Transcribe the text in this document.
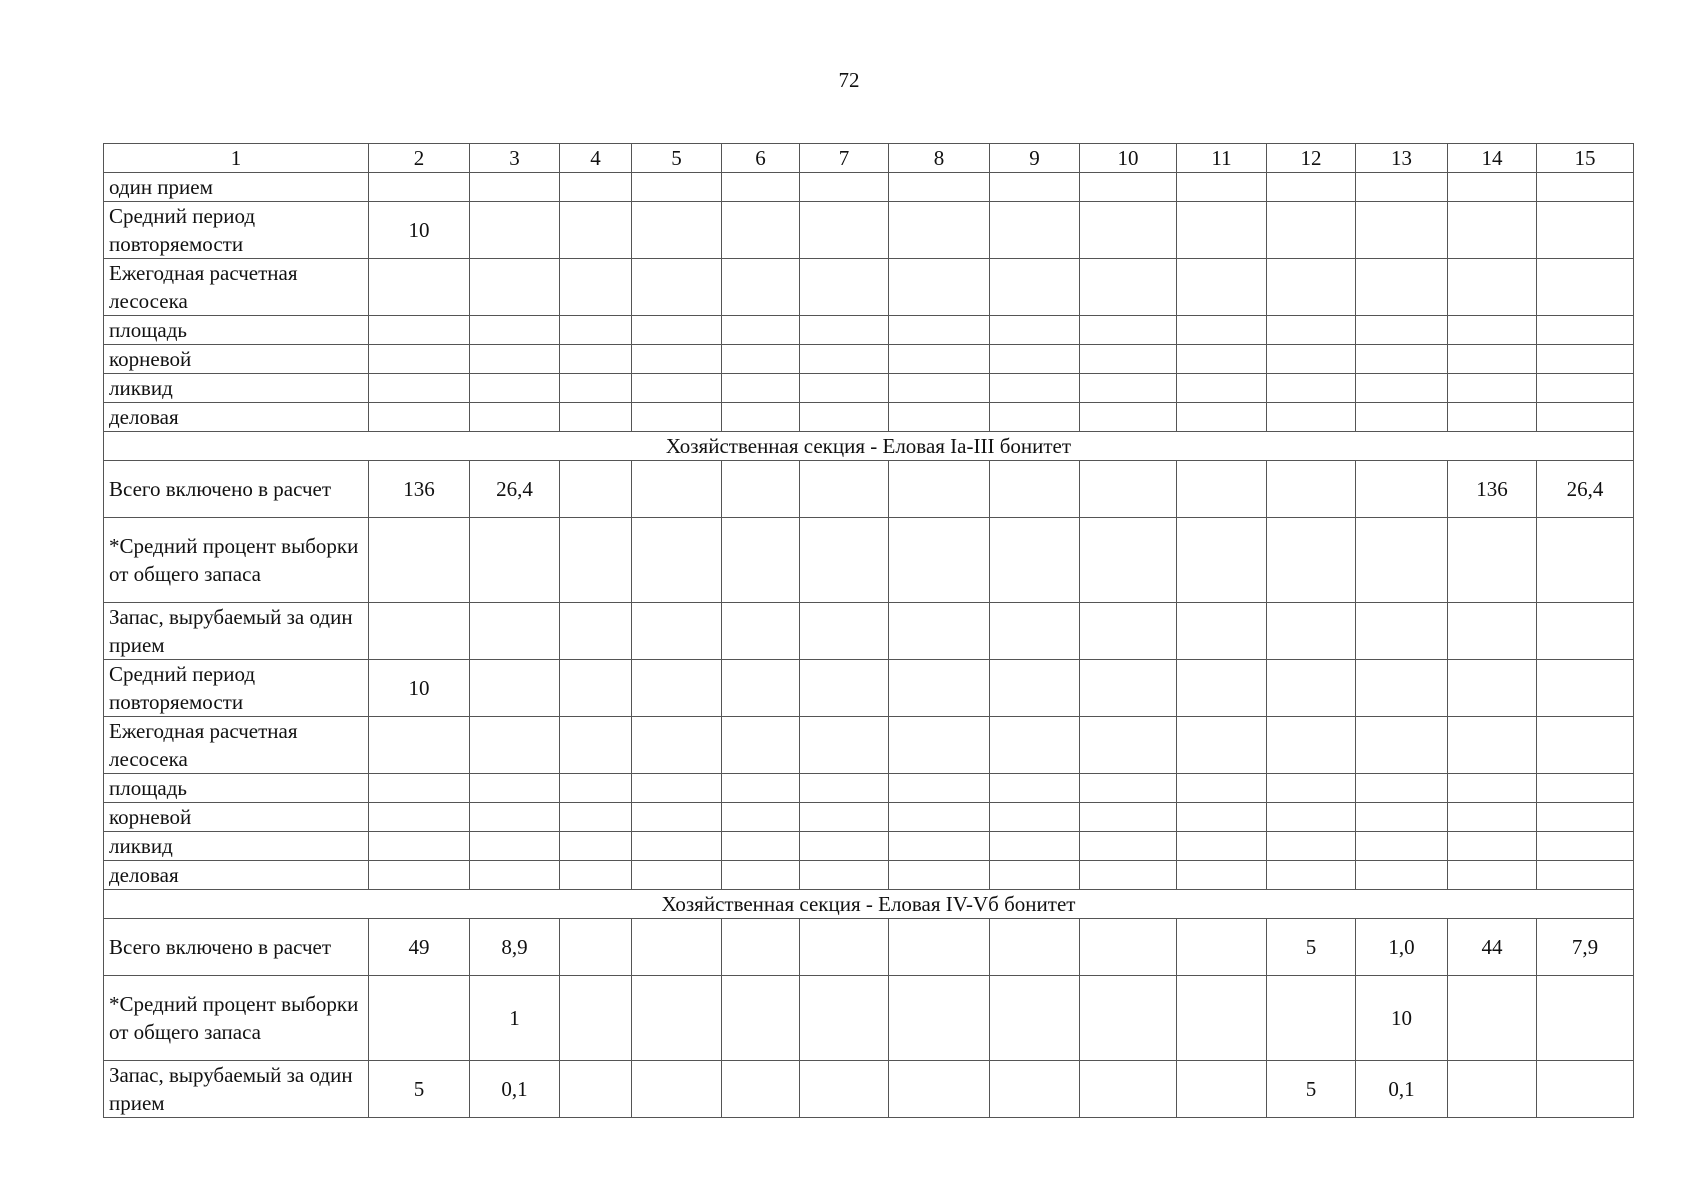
72
1	2	3	4	5	6	7	8	9	10	11	12	13	14	15
один прием														
Средний период повторяемости	10													
Ежегодная расчетная лесосека														
площадь														
корневой														
ликвид														
деловая														
Хозяйственная секция - Еловая Ia-III бонитет														
Всего включено в расчет	136	26,4											136	26,4
*Средний процент выборки от общего запаса														
Запас, вырубаемый за один прием														
Средний период повторяемости	10													
Ежегодная расчетная лесосека														
площадь														
корневой														
ликвид														
деловая														
Хозяйственная секция - Еловая IV-Vб бонитет														
Всего включено в расчет	49	8,9									5	1,0	44	7,9
*Средний процент выборки от общего запаса		1										10		
Запас, вырубаемый за один прием	5	0,1									5	0,1		
